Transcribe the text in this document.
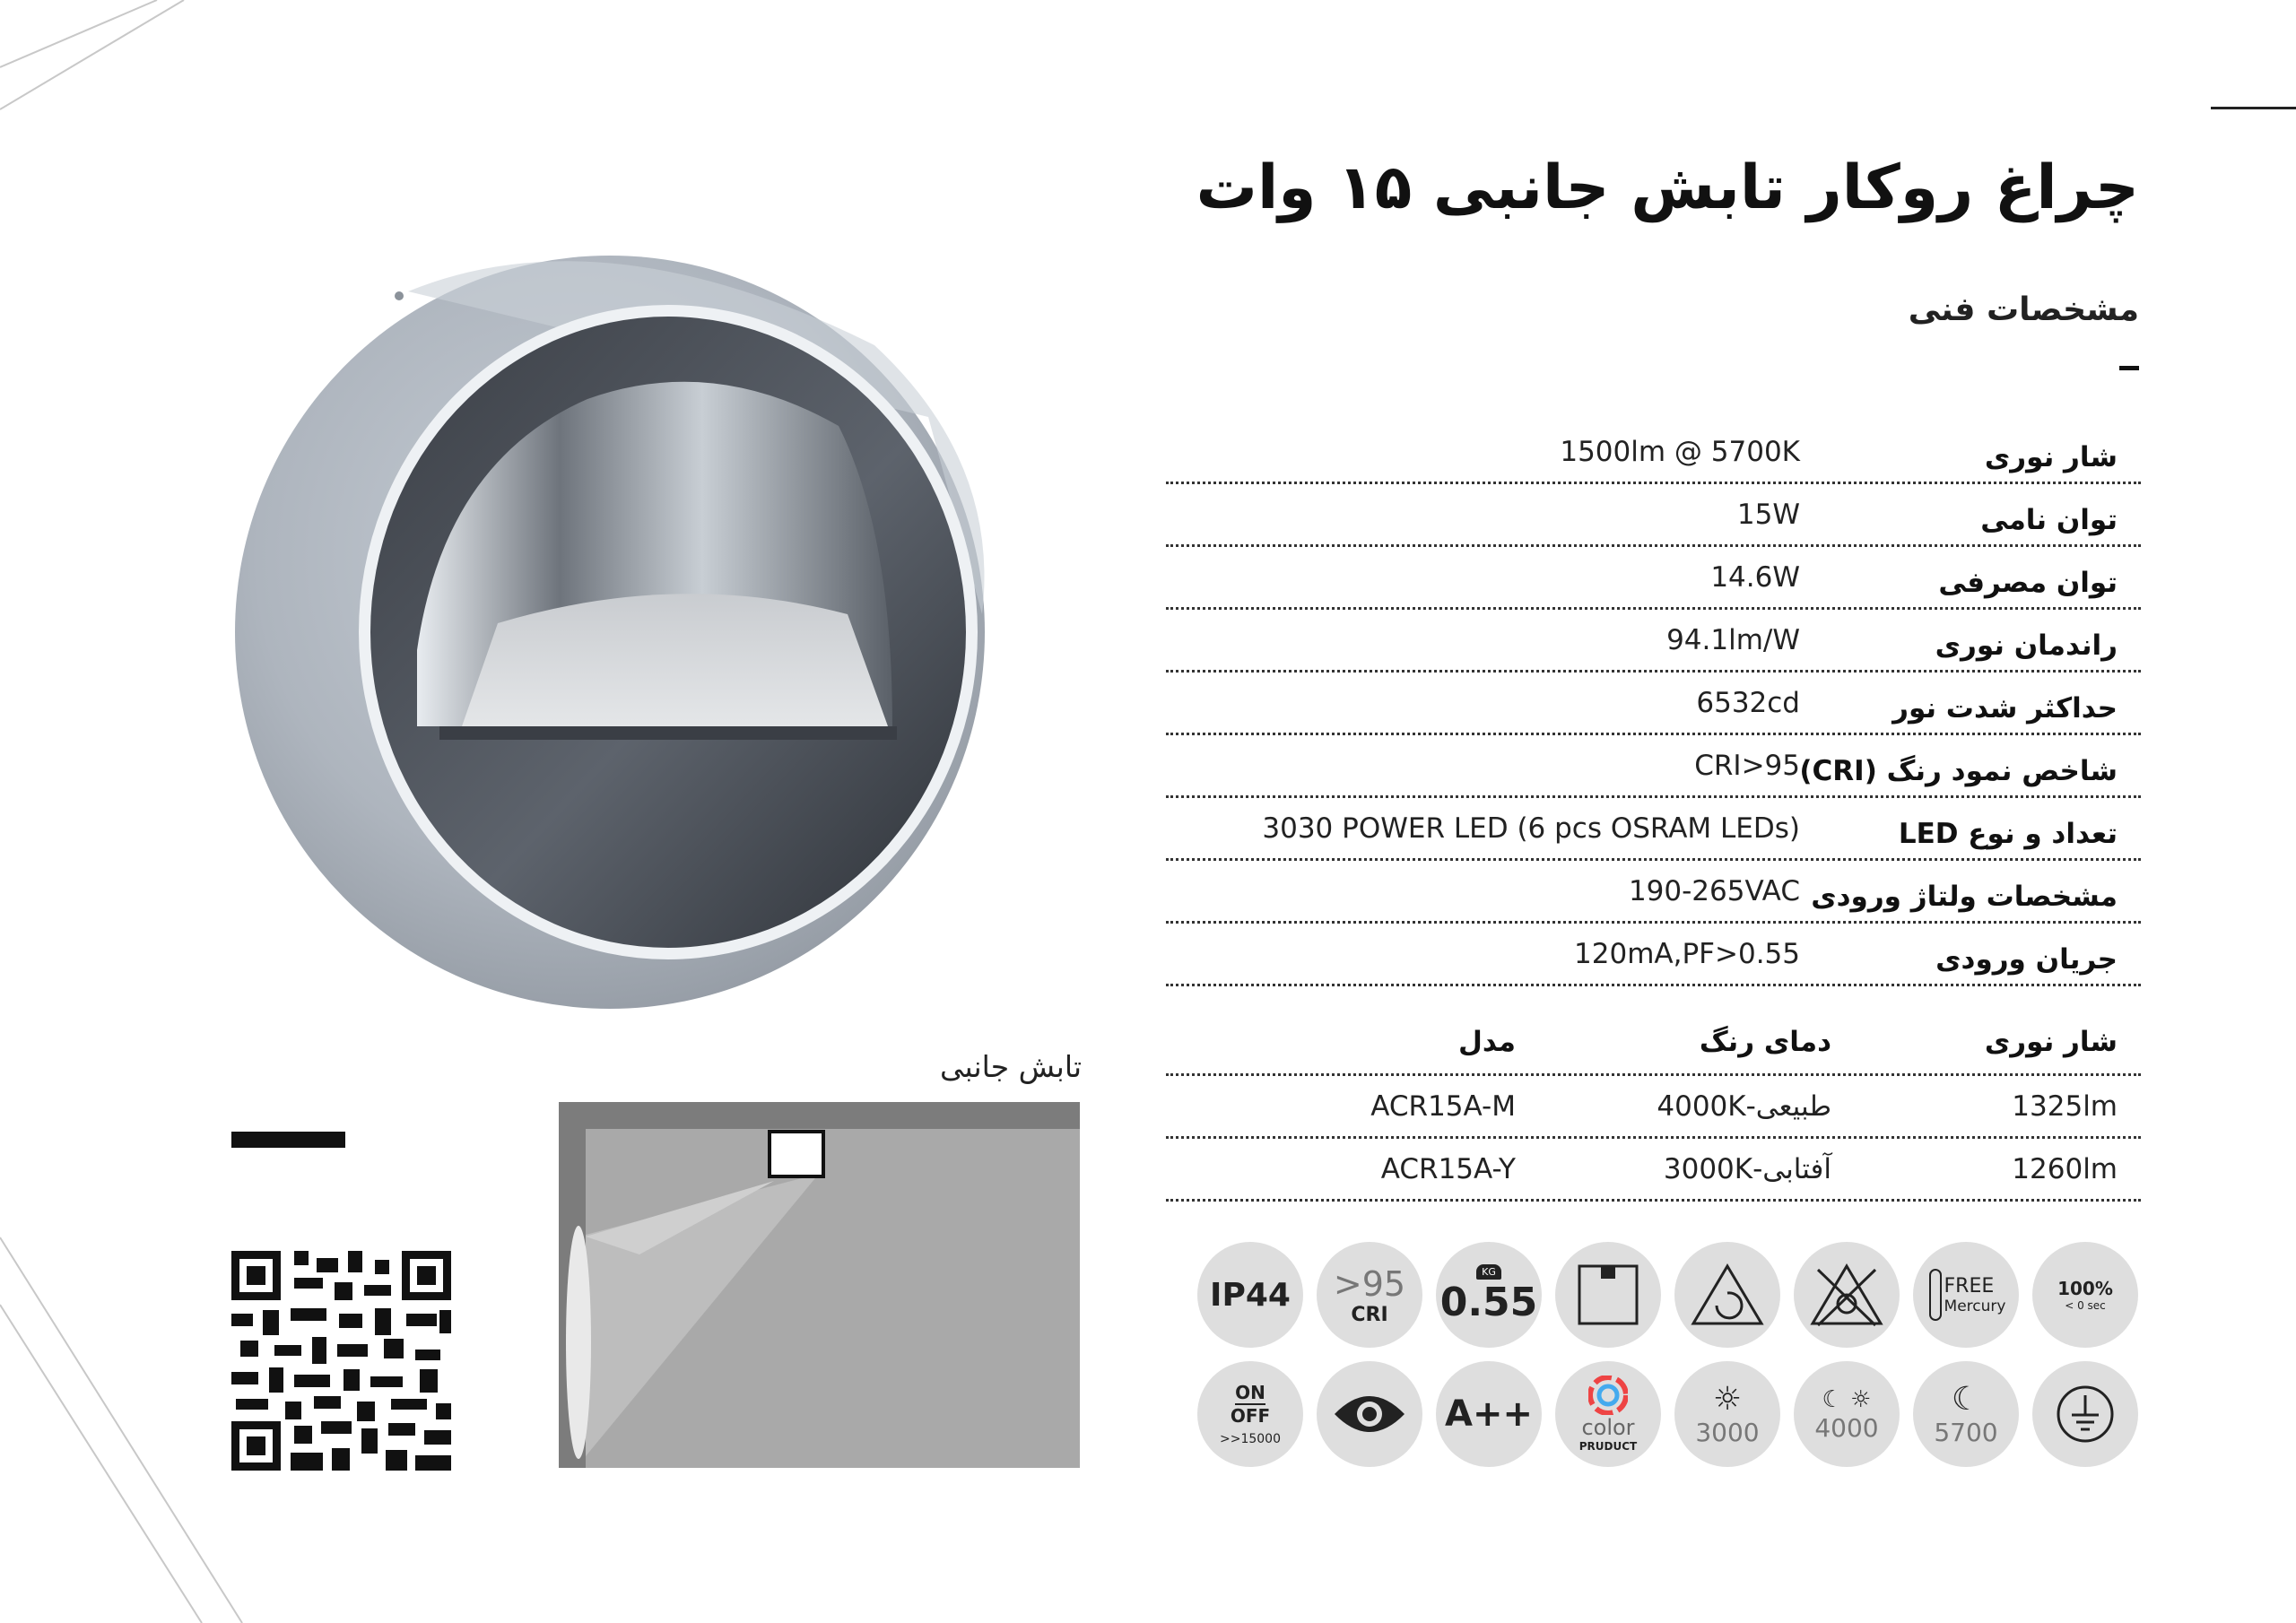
چراغ روکار تابش جانبی ۱۵ وات
مشخصات فنی
تابش جانبی
شار نوری
1500lm @ 5700K
توان نامی
15W
توان مصرفی
14.6W
راندمان نوری
94.1lm/W
حداکثر شدت نور
6532cd
شاخص نمود رنگ (CRI)
CRI>95
تعداد و نوع LED
3030 POWER LED (6 pcs OSRAM LEDs)
مشخصات ولتاژ ورودی
190-265VAC
جریان ورودی
120mA,PF>0.55
شار نوری
دمای رنگ
مدل
1325lm
طبیعی-4000K
ACR15A-M
1260lm
آفتابی-3000K
ACR15A-Y
IP44 >95
CRI
KG
0.55	FREE
Mercury
100%
< 0 sec
ON
OFF
>>15000
A++ color
PRUDUCT
☼
3000
☾ ☼
4000
☾
5700
